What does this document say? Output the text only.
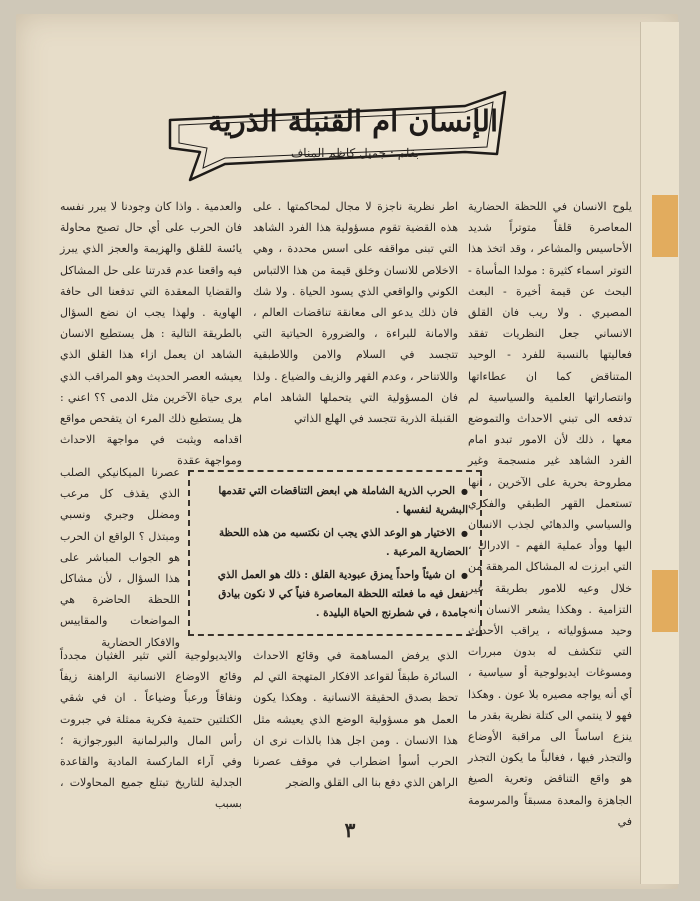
الإنسان ام القنبلة الذرية
بقلم : جميل كاظم المناف
يلوح الانسان في اللحظة الحضارية المعاصرة قلقاً متوتراً شديد الأحاسيس والمشاعر ، وقد اتخذ هذا التوتر اسماء كثيرة : مولدا المأساة - البحث عن قيمة أخيرة - البعث المصيري . ولا ريب فان القلق الانساني جعل النظريات تفقد فعاليتها بالنسبة للفرد - الوحيد المتناقض كما ان عطاءاتها وانتصاراتها العلمية والسياسية لم تدفعه الى تبني الاحداث والتموضع معها ، ذلك لأن الامور تبدو امام الفرد الشاهد غير منسجمة وغير مطروحة بحرية على الآخرين ، انها تستعمل القهر الطبقي والفكري والسياسي والدهائي لجذب الانسان اليها ووأد عملية الفهم - الادراك ، التي ابرزت له المشاكل المرهقة من خلال وعيه للامور بطريقة غير التزامية . وهكذا يشعر الانسان انه وحيد مسؤولياته ، يراقب الأحداث التي تتكشف له بدون مبررات ومسوغات ايديولوجية أو سياسية ، أي أنه يواجه مصيره بلا عون . وهكذا فهو لا ينتمي الى كتلة نظرية بقدر ما ينزع اساساً الى مراقبة الأوضاع والتجذر فيها ، فغالباً ما يكون التجذر هو واقع التناقض وتعرية الصيغ الجاهزة والمعدة مسبقاً والمرسومة في
اطر نظرية ناجزة لا مجال لمحاكمتها . على هذه القضية تقوم مسؤولية هذا الفرد الشاهد التي تبنى مواقفه على اسس محددة ، وهي الاخلاص للانسان وخلق قيمة من هذا الالتباس الكوني والواقعي الذي يسود الحياة . ولا شك فان ذلك يدعو الى معانقة تناقضات العالم ، والامانة للبراءة ، والضرورة الحياتية التي تتجسد في السلام والامن واللاطبقية واللاتناحر ، وعدم القهر والزيف والضياع . ولذا فان المسؤولية التي يتحملها الشاهد امام القنبلة الذرية تتجسد في الهلع الذاتي
والعدمية . واذا كان وجودنا لا يبرر نفسه فان الحرب على أي حال تصبح محاولة يائسة للقلق والهزيمة والعجز الذي يبرز فيه واقعنا عدم قدرتنا على حل المشاكل والقضايا المعقدة التي تدفعنا الى حافة الهاوية . ولهذا يجب ان نضع السؤال بالطريقة التالية : هل يستطيع الانسان الشاهد ان يعمل ازاء هذا القلق الذي يعيشه العصر الحديث وهو المراقب الذي يرى حياة الآخرين مثل الدمى ؟؟ اعني : هل يستطيع ذلك المرء ان يتفحص مواقع اقدامه ويثبت في مواجهة الاحداث ومواجهة عقدة
عصرنا الميكانيكي الصلب الذي يقذف كل مرعب ومضلل وجبري ونسبي ومبتذل ؟ الواقع ان الحرب هو الجواب المباشر على هذا السؤال ، لأن مشاكل اللحظة الحاضرة هي المواضعات والمقاييس والافكار الحضارية
● الحرب الذرية الشاملة هي ابعض التناقضات التي تقدمها البشرية لنفسها .
● الاختيار هو الوعد الذي يجب ان نكتسبه من هذه اللحظة الحضارية المرعبة .
● ان شيئاً واحداً يمزق عبودية القلق : ذلك هو العمل الذي نفعل فيه ما فعلته اللحظة المعاصرة فنياً كي لا نكون بيادق جامدة ، في شطرنج الحياة البليدة .
الذي يرفض المساهمة في وقائع الاحداث السائرة طبقاً لقواعد الافكار المتهجة التي لم تحظ بصدق الحقيقة الانسانية . وهكذا يكون العمل هو مسؤولية الوضع الذي يعيشه مثل هذا الانسان . ومن اجل هذا بالذات نرى ان الحرب أسوأ اضطراب في موقف عصرنا الراهن الذي دفع بنا الى القلق والضجر
والايديولوجية التي تثير الغثيان مجدداً وقائع الاوضاع الانسانية الراهنة زيفاً ونفاقاً ورعباً وضياعاً . ان في شقي الكتلتين حتمية فكرية ممثلة في جبروت رأس المال والبرلمانية البورجوازية ؛ وفي آراء الماركسة المادية والقاعدة الجدلية للتاريخ تبتلع جميع المحاولات ، بسبب
٣
